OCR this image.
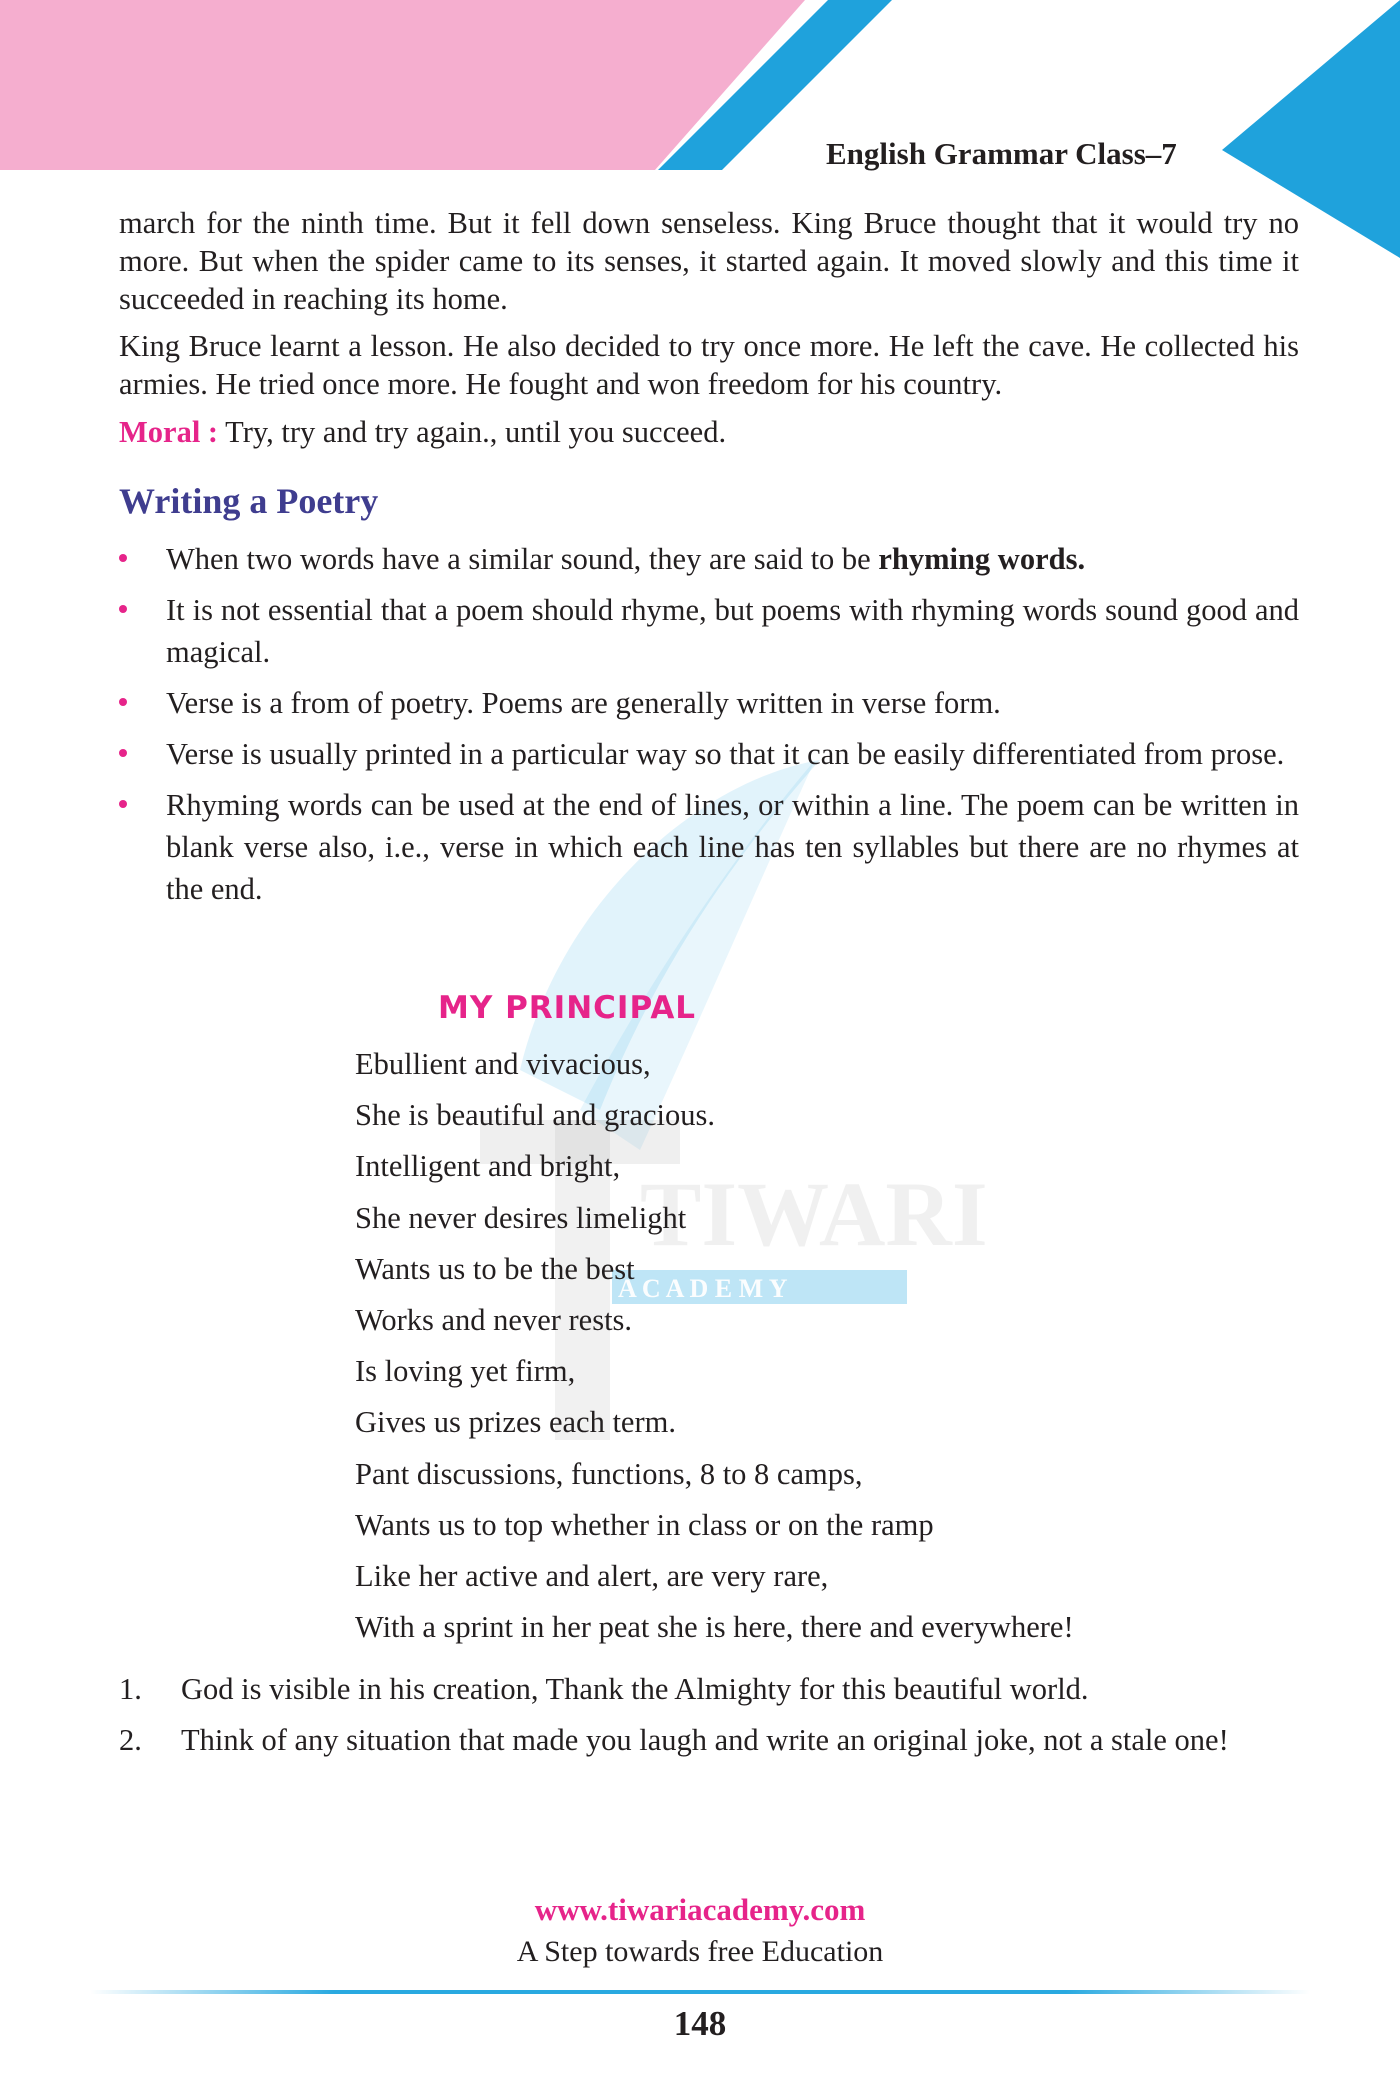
TIWARI
A C A D E M Y
English Grammar Class–7

march for the ninth time. But it fell down senseless. King Bruce thought that it would try no more. But when the spider came to its senses, it started again. It moved slowly and this time it succeeded in reaching its home.

King Bruce learnt a lesson. He also decided to try once more. He left the cave. He collected his armies. He tried once more. He fought and won freedom for his country.

Moral : Try, try and try again., until you succeed.

Writing a Poetry
When two words have a similar sound, they are said to be rhyming words.
It is not essential that a poem should rhyme, but poems with rhyming words sound good and magical.
Verse is a from of poetry. Poems are generally written in verse form.
Verse is usually printed in a particular way so that it can be easily differentiated from prose.
Rhyming words can be used at the end of lines, or within a line. The poem can be written in blank verse also, i.e., verse in which each line has ten syllables but there are no rhymes at the end.
MY PRINCIPAL
Ebullient and vivacious,
She is beautiful and gracious.
Intelligent and bright,
She never desires limelight
Wants us to be the best
Works and never rests.
Is loving yet firm,
Gives us prizes each term.
Pant discussions, functions, 8 to 8 camps,
Wants us to top whether in class or on the ramp
Like her active and alert, are very rare,
With a sprint in her peat she is here, there and everywhere!
1. God is visible in his creation, Thank the Almighty for this beautiful world.
2. Think of any situation that made you laugh and write an original joke, not a stale one!
www.tiwariacademy.com
A Step towards free Education
148
